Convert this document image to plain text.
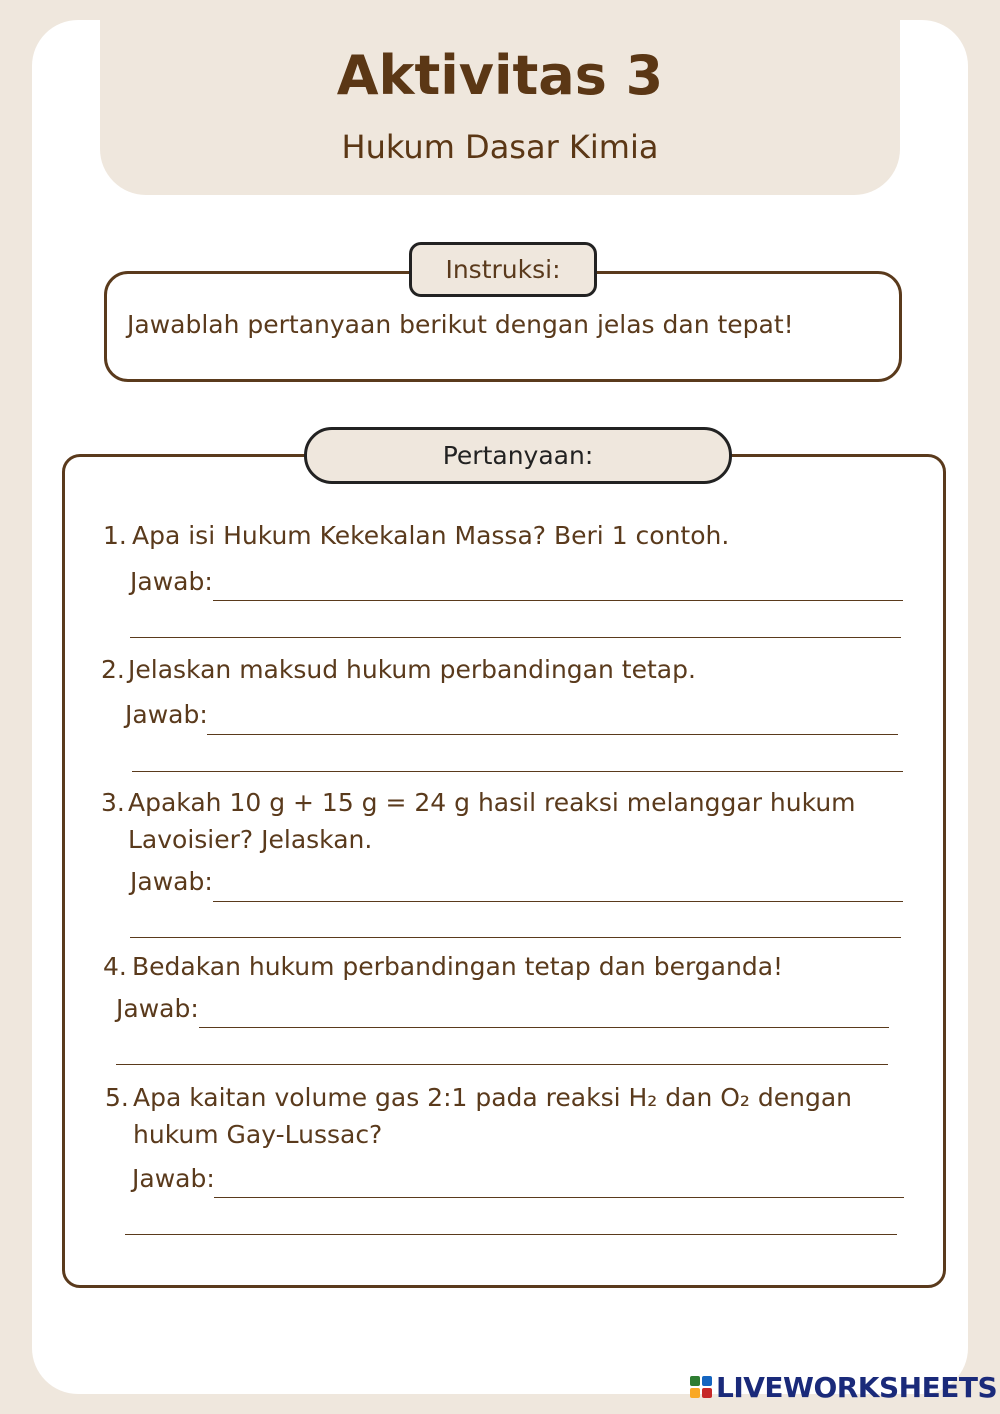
Aktivitas 3
Hukum Dasar Kimia
Instruksi:
Jawablah pertanyaan berikut dengan jelas dan tepat!
Pertanyaan:
1. Apa isi Hukum Kekekalan Massa? Beri 1 contoh.
Jawab:
2. Jelaskan maksud hukum perbandingan tetap.
Jawab:
3. Apakah 10 g + 15 g = 24 g hasil reaksi melanggar hukum
Lavoisier? Jelaskan.
Jawab:
4. Bedakan hukum perbandingan tetap dan berganda!
Jawab:
5. Apa kaitan volume gas 2:1 pada reaksi H₂ dan O₂ dengan
hukum Gay-Lussac?
Jawab:
LIVEWORKSHEETS
